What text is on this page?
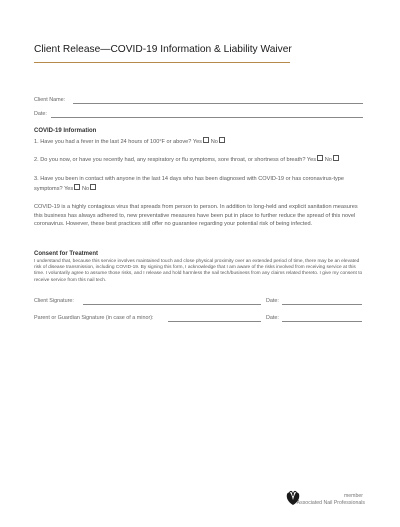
Client Release—COVID-19 Information & Liability Waiver
Client Name:
Date:
COVID-19 Information
1. Have you had a fever in the last 24 hours of 100°F or above? Yes No
2. Do you now, or have you recently had, any respiratory or flu symptoms, sore throat, or shortness of breath? Yes No
3. Have you been in contact with anyone in the last 14 days who has been diagnosed with COVID-19 or has coronavirus-type symptoms? Yes No
COVID-19 is a highly contagious virus that spreads from person to person. In addition to long-held and explicit sanitation measures this business has always adhered to, new preventative measures have been put in place to further reduce the spread of this novel coronavirus. However, these best practices still offer no guarantee regarding your potential risk of being infected.
Consent for Treatment
I understand that, because this service involves maintained touch and close physical proximity over an extended period of time, there may be an elevated risk of disease transmission, including COVID-19. By signing this form, I acknowledge that I am aware of the risks involved from receiving service at this time. I voluntarily agree to assume those risks, and I release and hold harmless the nail tech/business from any claims related thereto. I give my consent to receive service from this nail tech.
Client Signature:	Date:
Parent or Guardian Signature (in case of a minor):	Date:
member
Associated Nail Professionals
